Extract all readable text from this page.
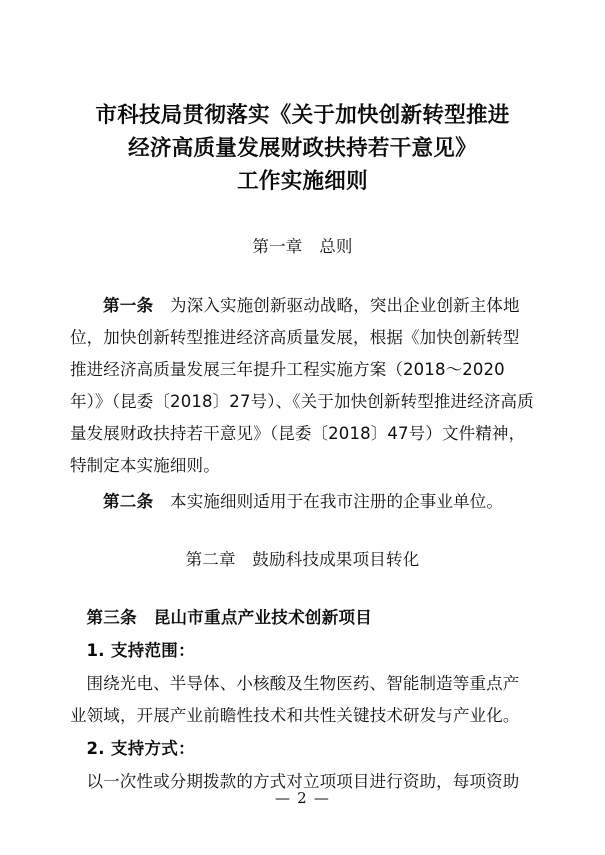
市科技局贯彻落实《关于加快创新转型推进
经济高质量发展财政扶持若干意见》
工作实施细则
第一章　总则

第一条　为深入实施创新驱动战略，突出企业创新主体地位，加快创新转型推进经济高质量发展，根据《加快创新转型推进经济高质量发展三年提升工程实施方案（2018～2020年）》（昆委〔2018〕27号）、《关于加快创新转型推进经济高质量发展财政扶持若干意见》（昆委〔2018〕47号）文件精神，特制定本实施细则。

第二条　本实施细则适用于在我市注册的企事业单位。

第二章　鼓励科技成果项目转化

第三条　昆山市重点产业技术创新项目

1. 支持范围：

围绕光电、半导体、小核酸及生物医药、智能制造等重点产业领域，开展产业前瞻性技术和共性关键技术研发与产业化。

2. 支持方式：

以一次性或分期拨款的方式对立项项目进行资助，每项资助

— 2 —
